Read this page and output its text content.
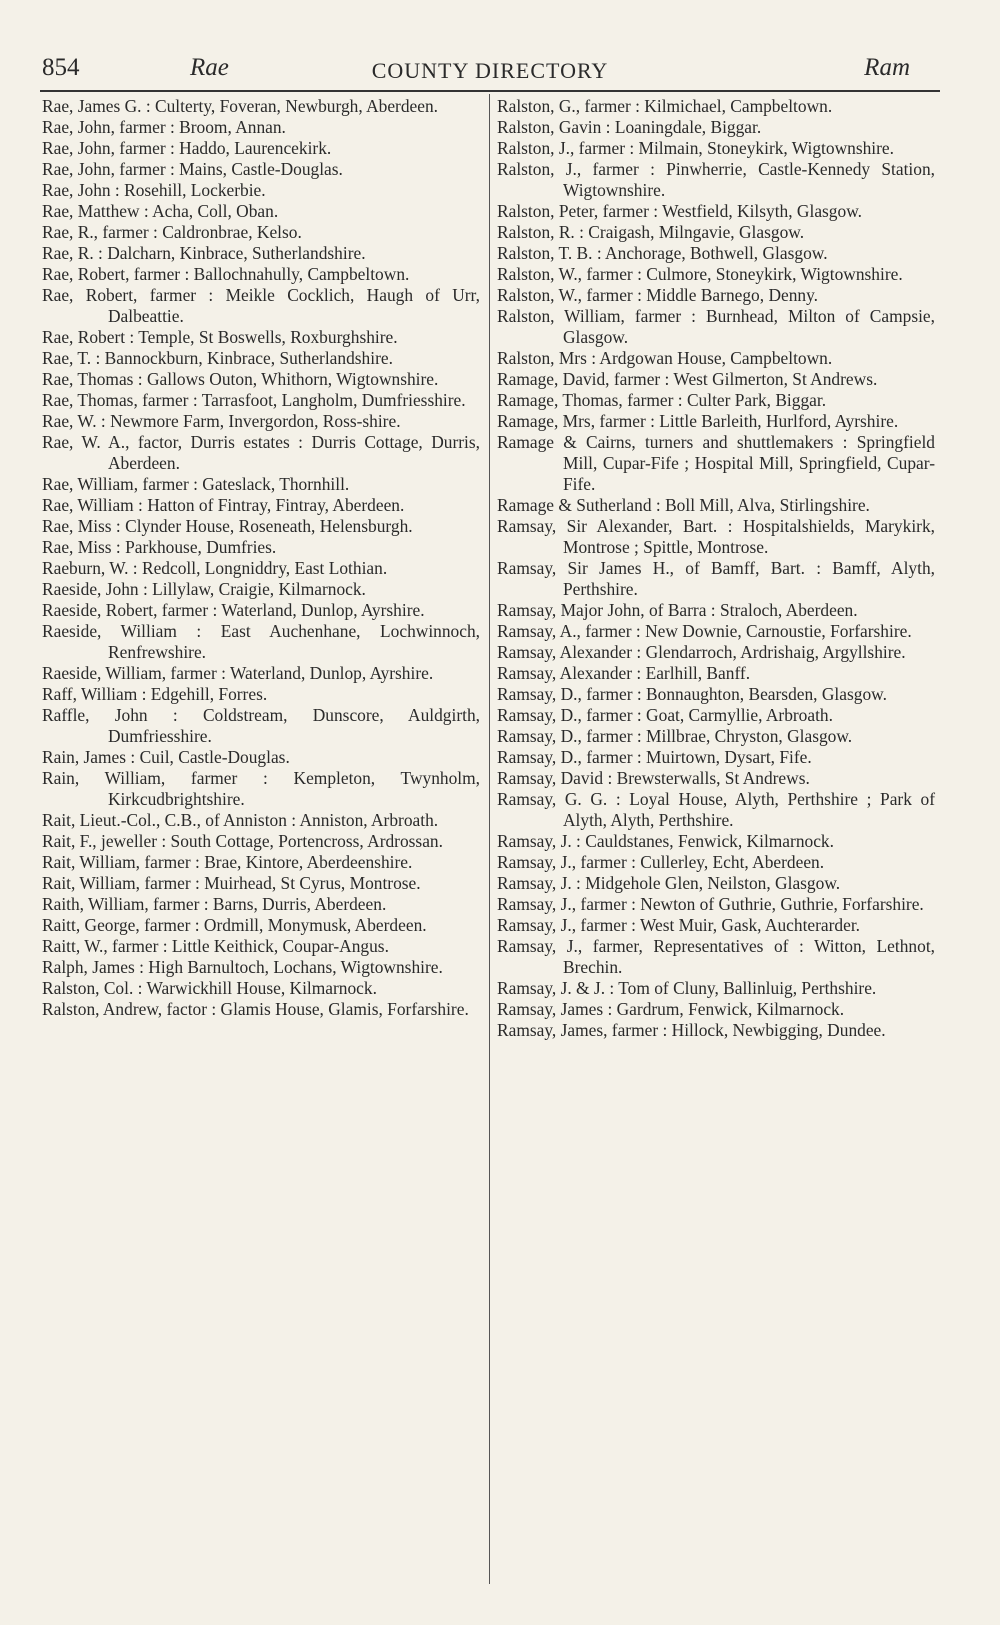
854	Rae	COUNTY DIRECTORY	Ram

Rae, James G. : Culterty, Foveran, Newburgh, Aberdeen.

Rae, John, farmer : Broom, Annan.

Rae, John, farmer : Haddo, Laurencekirk.

Rae, John, farmer : Mains, Castle-Douglas.

Rae, John : Rosehill, Lockerbie.

Rae, Matthew : Acha, Coll, Oban.

Rae, R., farmer : Caldronbrae, Kelso.

Rae, R. : Dalcharn, Kinbrace, Sutherlandshire.

Rae, Robert, farmer : Ballochnahully, Campbeltown.

Rae, Robert, farmer : Meikle Cocklich, Haugh of Urr, Dalbeattie.

Rae, Robert : Temple, St Boswells, Roxburghshire.

Rae, T. : Bannockburn, Kinbrace, Sutherlandshire.

Rae, Thomas : Gallows Outon, Whithorn, Wigtownshire.

Rae, Thomas, farmer : Tarrasfoot, Langholm, Dumfriesshire.

Rae, W. : Newmore Farm, Invergordon, Ross-shire.

Rae, W. A., factor, Durris estates : Durris Cottage, Durris, Aberdeen.

Rae, William, farmer : Gateslack, Thornhill.

Rae, William : Hatton of Fintray, Fintray, Aberdeen.

Rae, Miss : Clynder House, Roseneath, Helensburgh.

Rae, Miss : Parkhouse, Dumfries.

Raeburn, W. : Redcoll, Longniddry, East Lothian.

Raeside, John : Lillylaw, Craigie, Kilmarnock.

Raeside, Robert, farmer : Waterland, Dunlop, Ayrshire.

Raeside, William : East Auchenhane, Lochwinnoch, Renfrewshire.

Raeside, William, farmer : Waterland, Dunlop, Ayrshire.

Raff, William : Edgehill, Forres.

Raffle, John : Coldstream, Dunscore, Auldgirth, Dumfriesshire.

Rain, James : Cuil, Castle-Douglas.

Rain, William, farmer : Kempleton, Twynholm, Kirkcudbrightshire.

Rait, Lieut.-Col., C.B., of Anniston : Anniston, Arbroath.

Rait, F., jeweller : South Cottage, Portencross, Ardrossan.

Rait, William, farmer : Brae, Kintore, Aberdeenshire.

Rait, William, farmer : Muirhead, St Cyrus, Montrose.

Raith, William, farmer : Barns, Durris, Aberdeen.

Raitt, George, farmer : Ordmill, Monymusk, Aberdeen.

Raitt, W., farmer : Little Keithick, Coupar-Angus.

Ralph, James : High Barnultoch, Lochans, Wigtownshire.

Ralston, Col. : Warwickhill House, Kilmarnock.

Ralston, Andrew, factor : Glamis House, Glamis, Forfarshire.

Ralston, G., farmer : Kilmichael, Campbeltown.

Ralston, Gavin : Loaningdale, Biggar.

Ralston, J., farmer : Milmain, Stoneykirk, Wigtownshire.

Ralston, J., farmer : Pinwherrie, Castle-Kennedy Station, Wigtownshire.

Ralston, Peter, farmer : Westfield, Kilsyth, Glasgow.

Ralston, R. : Craigash, Milngavie, Glasgow.

Ralston, T. B. : Anchorage, Bothwell, Glasgow.

Ralston, W., farmer : Culmore, Stoneykirk, Wigtownshire.

Ralston, W., farmer : Middle Barnego, Denny.

Ralston, William, farmer : Burnhead, Milton of Campsie, Glasgow.

Ralston, Mrs : Ardgowan House, Campbeltown.

Ramage, David, farmer : West Gilmerton, St Andrews.

Ramage, Thomas, farmer : Culter Park, Biggar.

Ramage, Mrs, farmer : Little Barleith, Hurlford, Ayrshire.

Ramage & Cairns, turners and shuttlemakers : Springfield Mill, Cupar-Fife ; Hospital Mill, Springfield, Cupar-Fife.

Ramage & Sutherland : Boll Mill, Alva, Stirlingshire.

Ramsay, Sir Alexander, Bart. : Hospitalshields, Marykirk, Montrose ; Spittle, Montrose.

Ramsay, Sir James H., of Bamff, Bart. : Bamff, Alyth, Perthshire.

Ramsay, Major John, of Barra : Straloch, Aberdeen.

Ramsay, A., farmer : New Downie, Carnoustie, Forfarshire.

Ramsay, Alexander : Glendarroch, Ardrishaig, Argyllshire.

Ramsay, Alexander : Earlhill, Banff.

Ramsay, D., farmer : Bonnaughton, Bearsden, Glasgow.

Ramsay, D., farmer : Goat, Carmyllie, Arbroath.

Ramsay, D., farmer : Millbrae, Chryston, Glasgow.

Ramsay, D., farmer : Muirtown, Dysart, Fife.

Ramsay, David : Brewsterwalls, St Andrews.

Ramsay, G. G. : Loyal House, Alyth, Perthshire ; Park of Alyth, Alyth, Perthshire.

Ramsay, J. : Cauldstanes, Fenwick, Kilmarnock.

Ramsay, J., farmer : Cullerley, Echt, Aberdeen.

Ramsay, J. : Midgehole Glen, Neilston, Glasgow.

Ramsay, J., farmer : Newton of Guthrie, Guthrie, Forfarshire.

Ramsay, J., farmer : West Muir, Gask, Auchterarder.

Ramsay, J., farmer, Representatives of : Witton, Lethnot, Brechin.

Ramsay, J. & J. : Tom of Cluny, Ballinluig, Perthshire.

Ramsay, James : Gardrum, Fenwick, Kilmarnock.

Ramsay, James, farmer : Hillock, Newbigging, Dundee.
